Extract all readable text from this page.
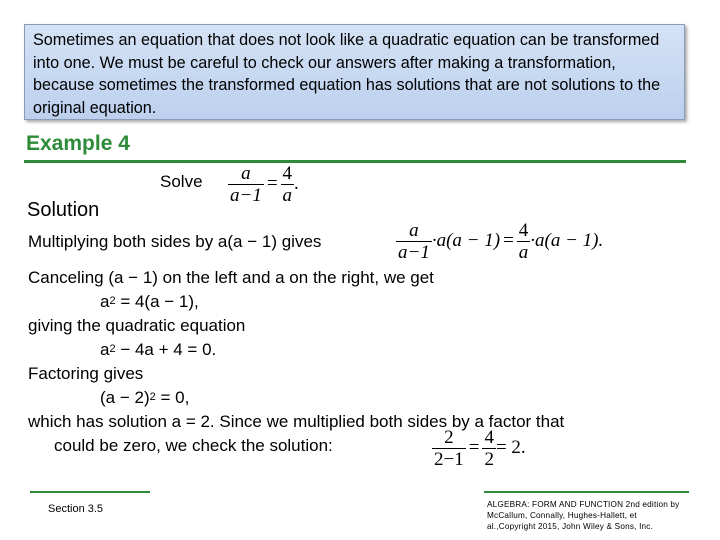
Sometimes an equation that does not look like a quadratic equation can be transformed into one. We must be careful to check our answers after making a transformation, because sometimes the transformed equation has solutions that are not solutions to the original equation.
Example 4
Solve $\frac{a}{a-1} = \frac{4}{a}$ .
Solution
Multiplying both sides by a(a − 1) gives	$\frac{a}{a-1} \cdot a(a - 1) = \frac{4}{a} \cdot a(a - 1)$.
Canceling (a − 1) on the left and a on the right, we get
$a^2 = 4(a - 1)$,
giving the quadratic equation
$a^2 - 4a + 4 = 0$.
Factoring gives
$(a - 2)^2 = 0$,
which has solution a = 2. Since we multiplied both sides by a factor that
could be zero, we check the solution:	$\frac{2}{2-1} = \frac{4}{2} = 2$.
Section 3.5	ALGEBRA: FORM AND FUNCTION 2nd edition by McCallum, Connally, Hughes-Hallett, et al.,Copyright 2015, John Wiley & Sons, Inc.
